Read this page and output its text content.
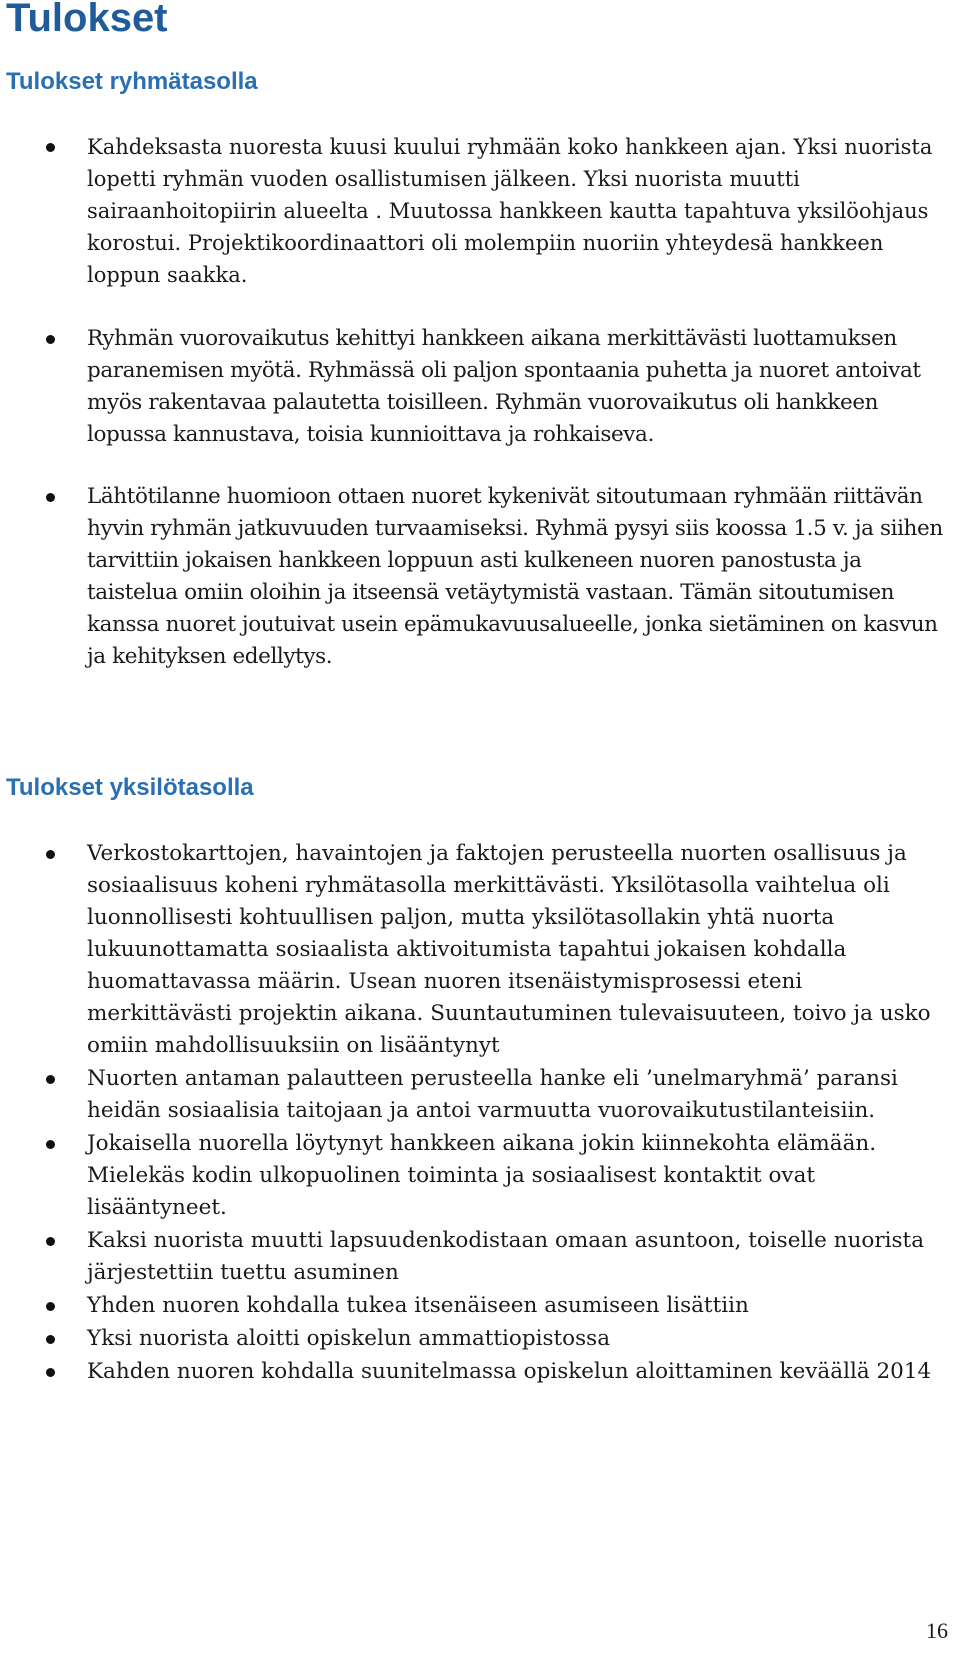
Tulokset
Tulokset ryhmätasolla
Kahdeksasta nuoresta kuusi kuului ryhmään koko hankkeen ajan. Yksi nuorista lopetti ryhmän vuoden osallistumisen jälkeen. Yksi nuorista muutti sairaanhoitopiirin alueelta . Muutossa hankkeen kautta tapahtuva yksilöohjaus korostui. Projektikoordinaattori oli molempiin nuoriin yhteydesä hankkeen loppun saakka.
Ryhmän vuorovaikutus kehittyi hankkeen aikana merkittävästi luottamuksen paranemisen myötä. Ryhmässä oli paljon spontaania puhetta ja nuoret antoivat myös rakentavaa palautetta toisilleen. Ryhmän vuorovaikutus oli hankkeen lopussa kannustava, toisia kunnioittava ja rohkaiseva.
Lähtötilanne huomioon ottaen nuoret kykenivät sitoutumaan ryhmään riittävän hyvin ryhmän jatkuvuuden turvaamiseksi. Ryhmä pysyi siis koossa 1.5 v. ja siihen tarvittiin jokaisen hankkeen loppuun asti kulkeneen nuoren panostusta ja taistelua omiin oloihin ja itseensä vetäytymistä vastaan. Tämän sitoutumisen kanssa nuoret joutuivat usein epämukavuusalueelle, jonka sietäminen on kasvun ja kehityksen edellytys.
Tulokset yksilötasolla
Verkostokarttojen, havaintojen ja faktojen perusteella nuorten osallisuus ja sosiaalisuus koheni ryhmätasolla merkittävästi. Yksilötasolla vaihtelua oli luonnollisesti kohtuullisen paljon, mutta yksilötasollakin yhtä nuorta lukuunottamatta sosiaalista aktivoitumista tapahtui jokaisen kohdalla huomattavassa määrin. Usean nuoren itsenäistymisprosessi eteni merkittävästi projektin aikana. Suuntautuminen tulevaisuuteen, toivo ja usko omiin mahdollisuuksiin on lisääntynyt
Nuorten antaman palautteen perusteella hanke eli ’unelmaryhmä’ paransi heidän sosiaalisia taitojaan ja antoi varmuutta vuorovaikutustilanteisiin.
Jokaisella nuorella löytynyt hankkeen aikana jokin kiinnekohta elämään. Mielekäs kodin ulkopuolinen toiminta ja sosiaalisest kontaktit ovat lisääntyneet.
Kaksi nuorista muutti lapsuudenkodistaan omaan asuntoon, toiselle nuorista järjestettiin tuettu asuminen
Yhden nuoren kohdalla tukea itsenäiseen asumiseen lisättiin
Yksi nuorista aloitti opiskelun ammattiopistossa
Kahden nuoren kohdalla suunitelmassa opiskelun aloittaminen keväällä 2014
16
